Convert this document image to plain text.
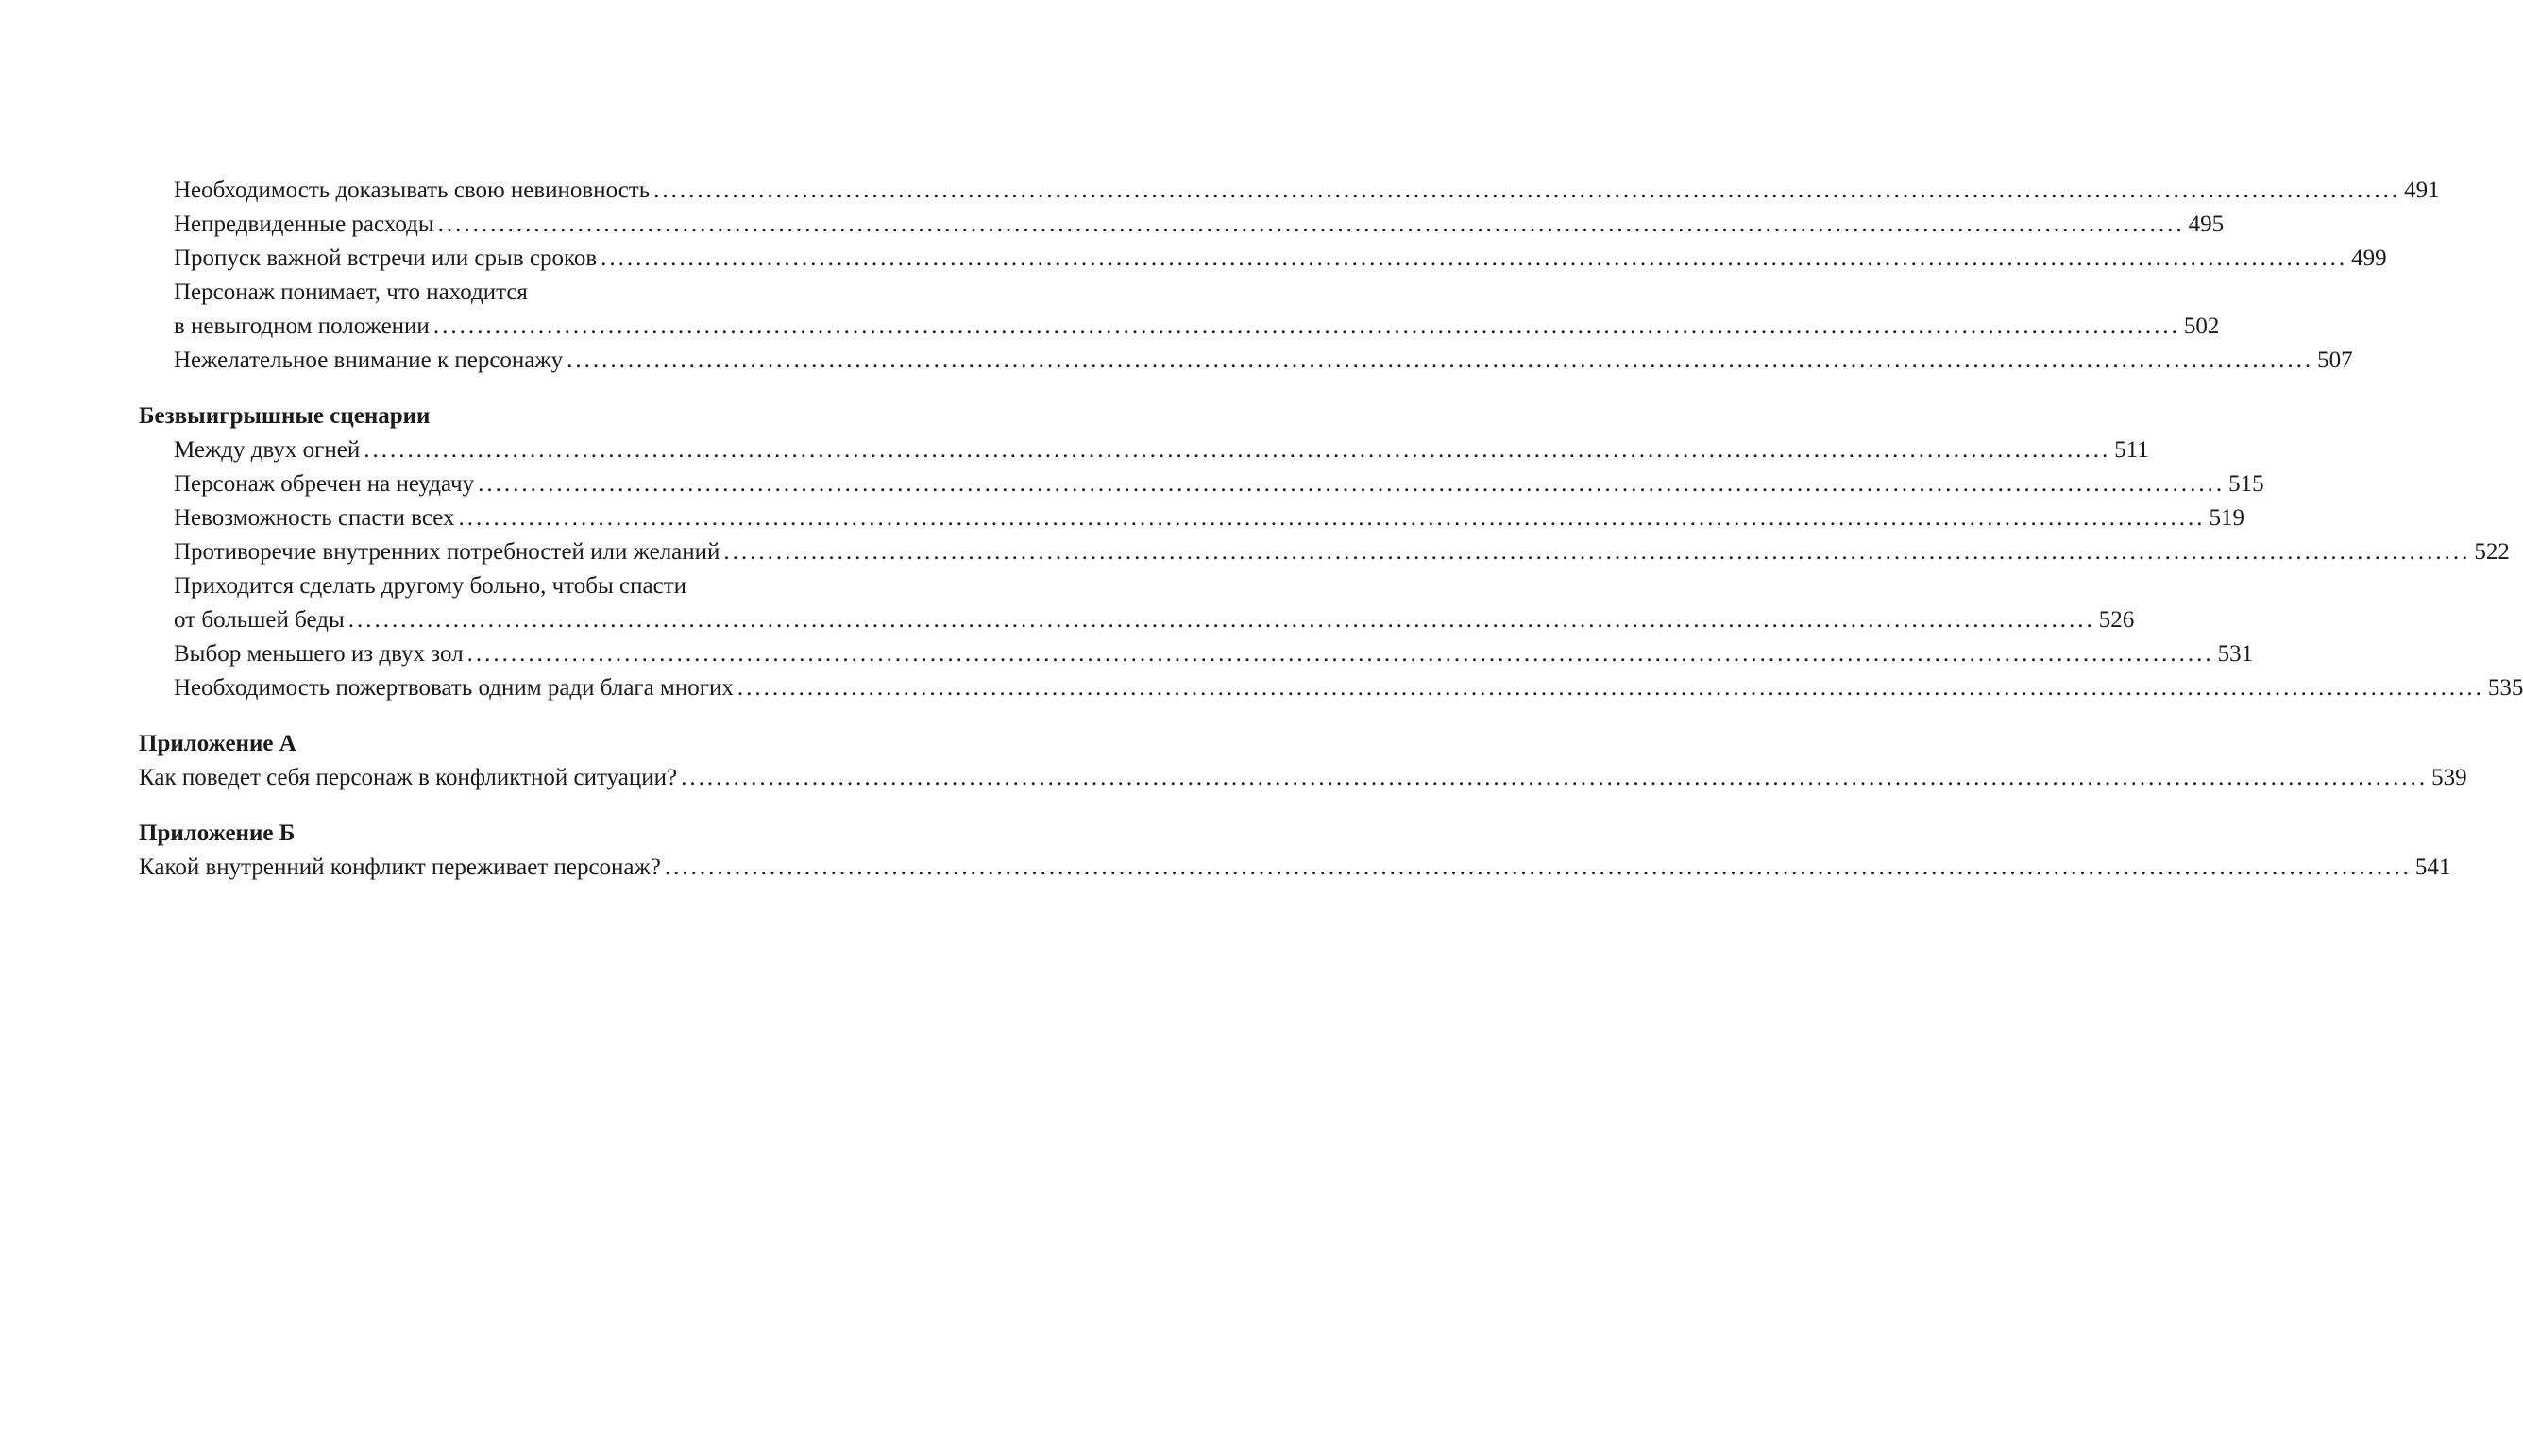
Необходимость доказывать свою невиновность ........................................................................................................................................................................................................ 491
Непредвиденные расходы ........................................................................................................................................................................................................ 495
Пропуск важной встречи или срыв сроков ........................................................................................................................................................................................................ 499
Персонаж понимает, что находится
в невыгодном положении ........................................................................................................................................................................................................ 502
Нежелательное внимание к персонажу ........................................................................................................................................................................................................ 507
Безвыигрышные сценарии
Между двух огней ........................................................................................................................................................................................................ 511
Персонаж обречен на неудачу ........................................................................................................................................................................................................ 515
Невозможность спасти всех ........................................................................................................................................................................................................ 519
Противоречие внутренних потребностей или желаний ........................................................................................................................................................................................................ 522
Приходится сделать другому больно, чтобы спасти
от большей беды ........................................................................................................................................................................................................ 526
Выбор меньшего из двух зол ........................................................................................................................................................................................................ 531
Необходимость пожертвовать одним ради блага многих ........................................................................................................................................................................................................ 535
Приложение А
Как поведет себя персонаж в конфликтной ситуации? ........................................................................................................................................................................................................ 539
Приложение Б
Какой внутренний конфликт переживает персонаж? ........................................................................................................................................................................................................ 541
